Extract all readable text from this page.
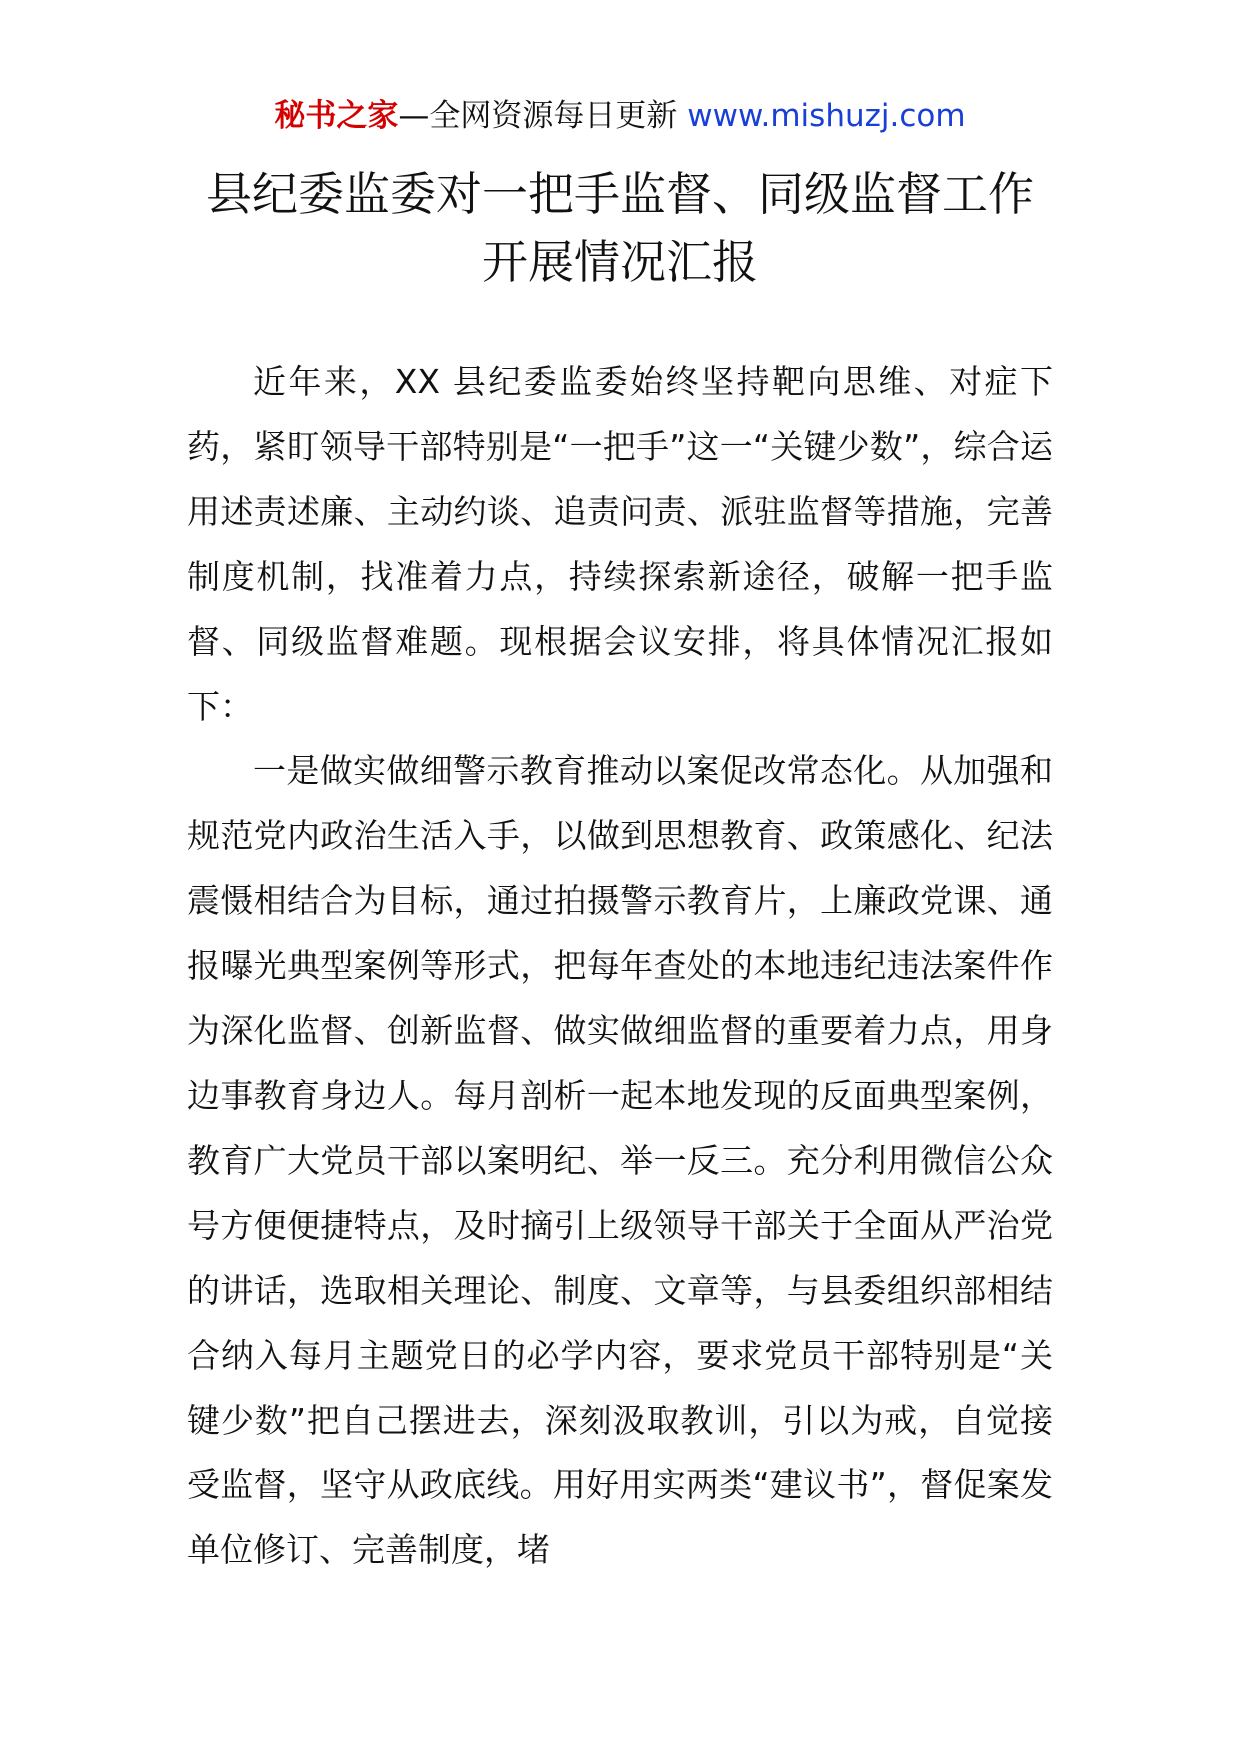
秘书之家—全网资源每日更新 www.mishuzj.com
县纪委监委对一把手监督、同级监督工作
开展情况汇报

近年来，XX 县纪委监委始终坚持靶向思维、对症下药，紧盯领导干部特别是“一把手”这一“关键少数”，综合运用述责述廉、主动约谈、追责问责、派驻监督等措施，完善制度机制，找准着力点，持续探索新途径，破解一把手监督、同级监督难题。现根据会议安排，将具体情况汇报如下：

一是做实做细警示教育推动以案促改常态化。从加强和规范党内政治生活入手，以做到思想教育、政策感化、纪法震慑相结合为目标，通过拍摄警示教育片，上廉政党课、通报曝光典型案例等形式，把每年查处的本地违纪违法案件作为深化监督、创新监督、做实做细监督的重要着力点，用身边事教育身边人。每月剖析一起本地发现的反面典型案例，教育广大党员干部以案明纪、举一反三。充分利用微信公众号方便便捷特点，及时摘引上级领导干部关于全面从严治党的讲话，选取相关理论、制度、文章等，与县委组织部相结合纳入每月主题党日的必学内容，要求党员干部特别是“关键少数”把自己摆进去，深刻汲取教训，引以为戒，自觉接受监督，坚守从政底线。用好用实两类“建议书”，督促案发单位修订、完善制度，堵
